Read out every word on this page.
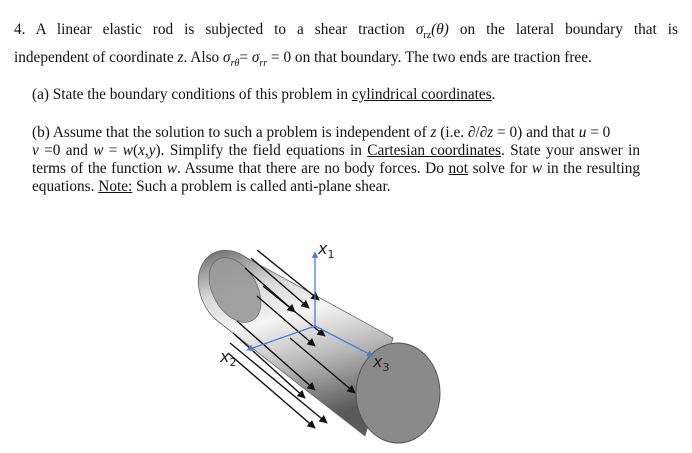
4. A linear elastic rod is subjected to a shear traction $\sigma_{rz}(\theta)$ on the lateral boundary that is
independent of coordinate z. Also $\sigma_{r\theta}= \sigma_{rr} = 0$ on that boundary. The two ends are traction free.

(a) State the boundary conditions of this problem in cylindrical coordinates.

(b) Assume that the solution to such a problem is independent of z (i.e. ∂/∂z = 0) and that u = 0
v =0 and w = w(x,y). Simplify the field equations in Cartesian coordinates. State your answer in
terms of the function w. Assume that there are no body forces. Do not solve for w in the resulting
equations. Note: Such a problem is called anti-plane shear.

$x_1$
$x_2$	$x_3$
